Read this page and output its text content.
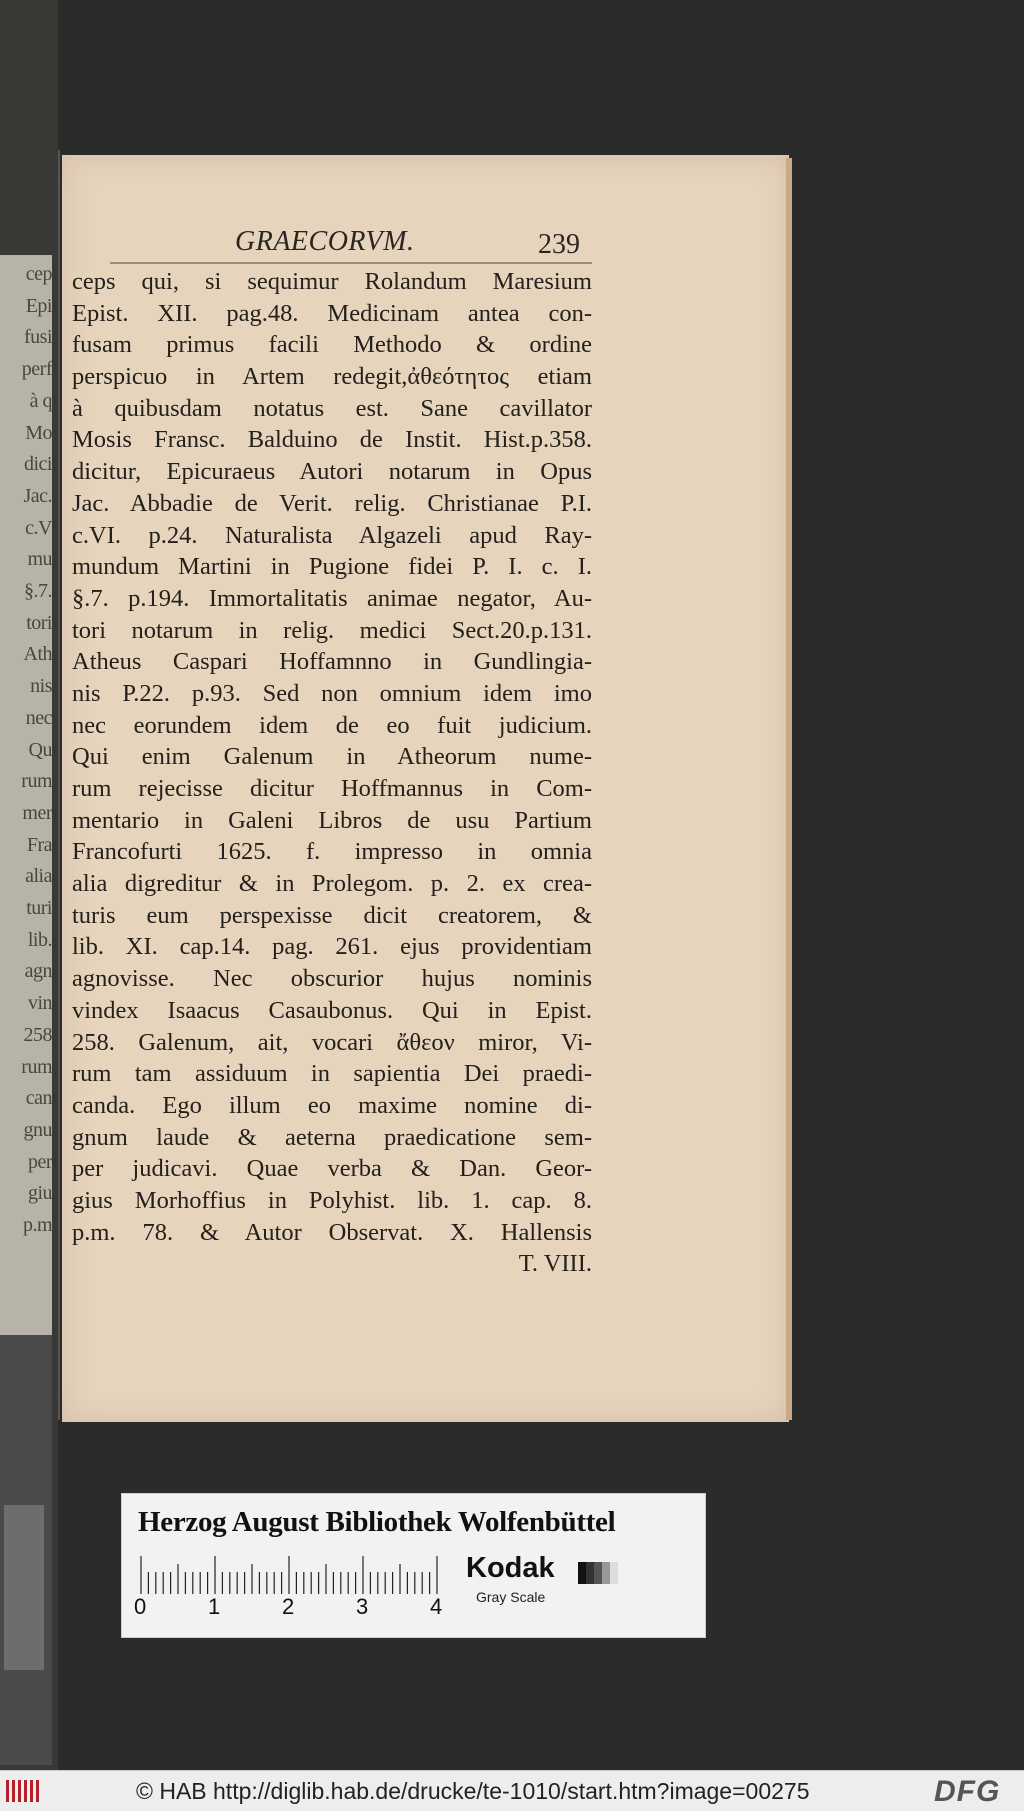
cep
Epi
fusi
perf
à q
Mo
dici
Jac.
c.V
mu
§.7.
tori
Ath
nis
nec
Qu
rum
mer
Fra
alia
turi
lib.
agn
vin
258
rum
can
gnu
per
giu
p.m
GRAECORVM.	239
ceps qui, si sequimur Rolandum Maresium
Epist. XII. pag.48. Medicinam antea con-
fusam primus facili Methodo & ordine
perspicuo in Artem redegit,ἀθεότητος etiam
à quibusdam notatus est. Sane cavillator
Mosis Fransc. Balduino de Instit. Hist.p.358.
dicitur, Epicuraeus Autori notarum in Opus
Jac. Abbadie de Verit. relig. Christianae P.I.
c.VI. p.24. Naturalista Algazeli apud Ray-
mundum Martini in Pugione fidei P. I. c. I.
§.7. p.194. Immortalitatis animae negator, Au-
tori notarum in relig. medici Sect.20.p.131.
Atheus Caspari Hoffamnno in Gundlingia-
nis P.22. p.93. Sed non omnium idem imo
nec eorundem idem de eo fuit judicium.
Qui enim Galenum in Atheorum nume-
rum rejecisse dicitur Hoffmannus in Com-
mentario in Galeni Libros de usu Partium
Francofurti 1625. f. impresso in omnia
alia digreditur & in Prolegom. p. 2. ex crea-
turis eum perspexisse dicit creatorem, &
lib. XI. cap.14. pag. 261. ejus providentiam
agnovisse. Nec obscurior hujus nominis
vindex Isaacus Casaubonus. Qui in Epist.
258. Galenum, ait, vocari ἄθεον miror, Vi-
rum tam assiduum in sapientia Dei praedi-
canda. Ego illum eo maxime nomine di-
gnum laude & aeterna praedicatione sem-
per judicavi. Quae verba & Dan. Geor-
gius Morhoffius in Polyhist. lib. 1. cap. 8.
p.m. 78. & Autor Observat. X. Hallensis
T. VIII.
Herzog August Bibliothek Wolfenbüttel
0	1	2	3	4
Kodak
Gray Scale
© HAB http://diglib.hab.de/drucke/te-1010/start.htm?image=00275	DFG
